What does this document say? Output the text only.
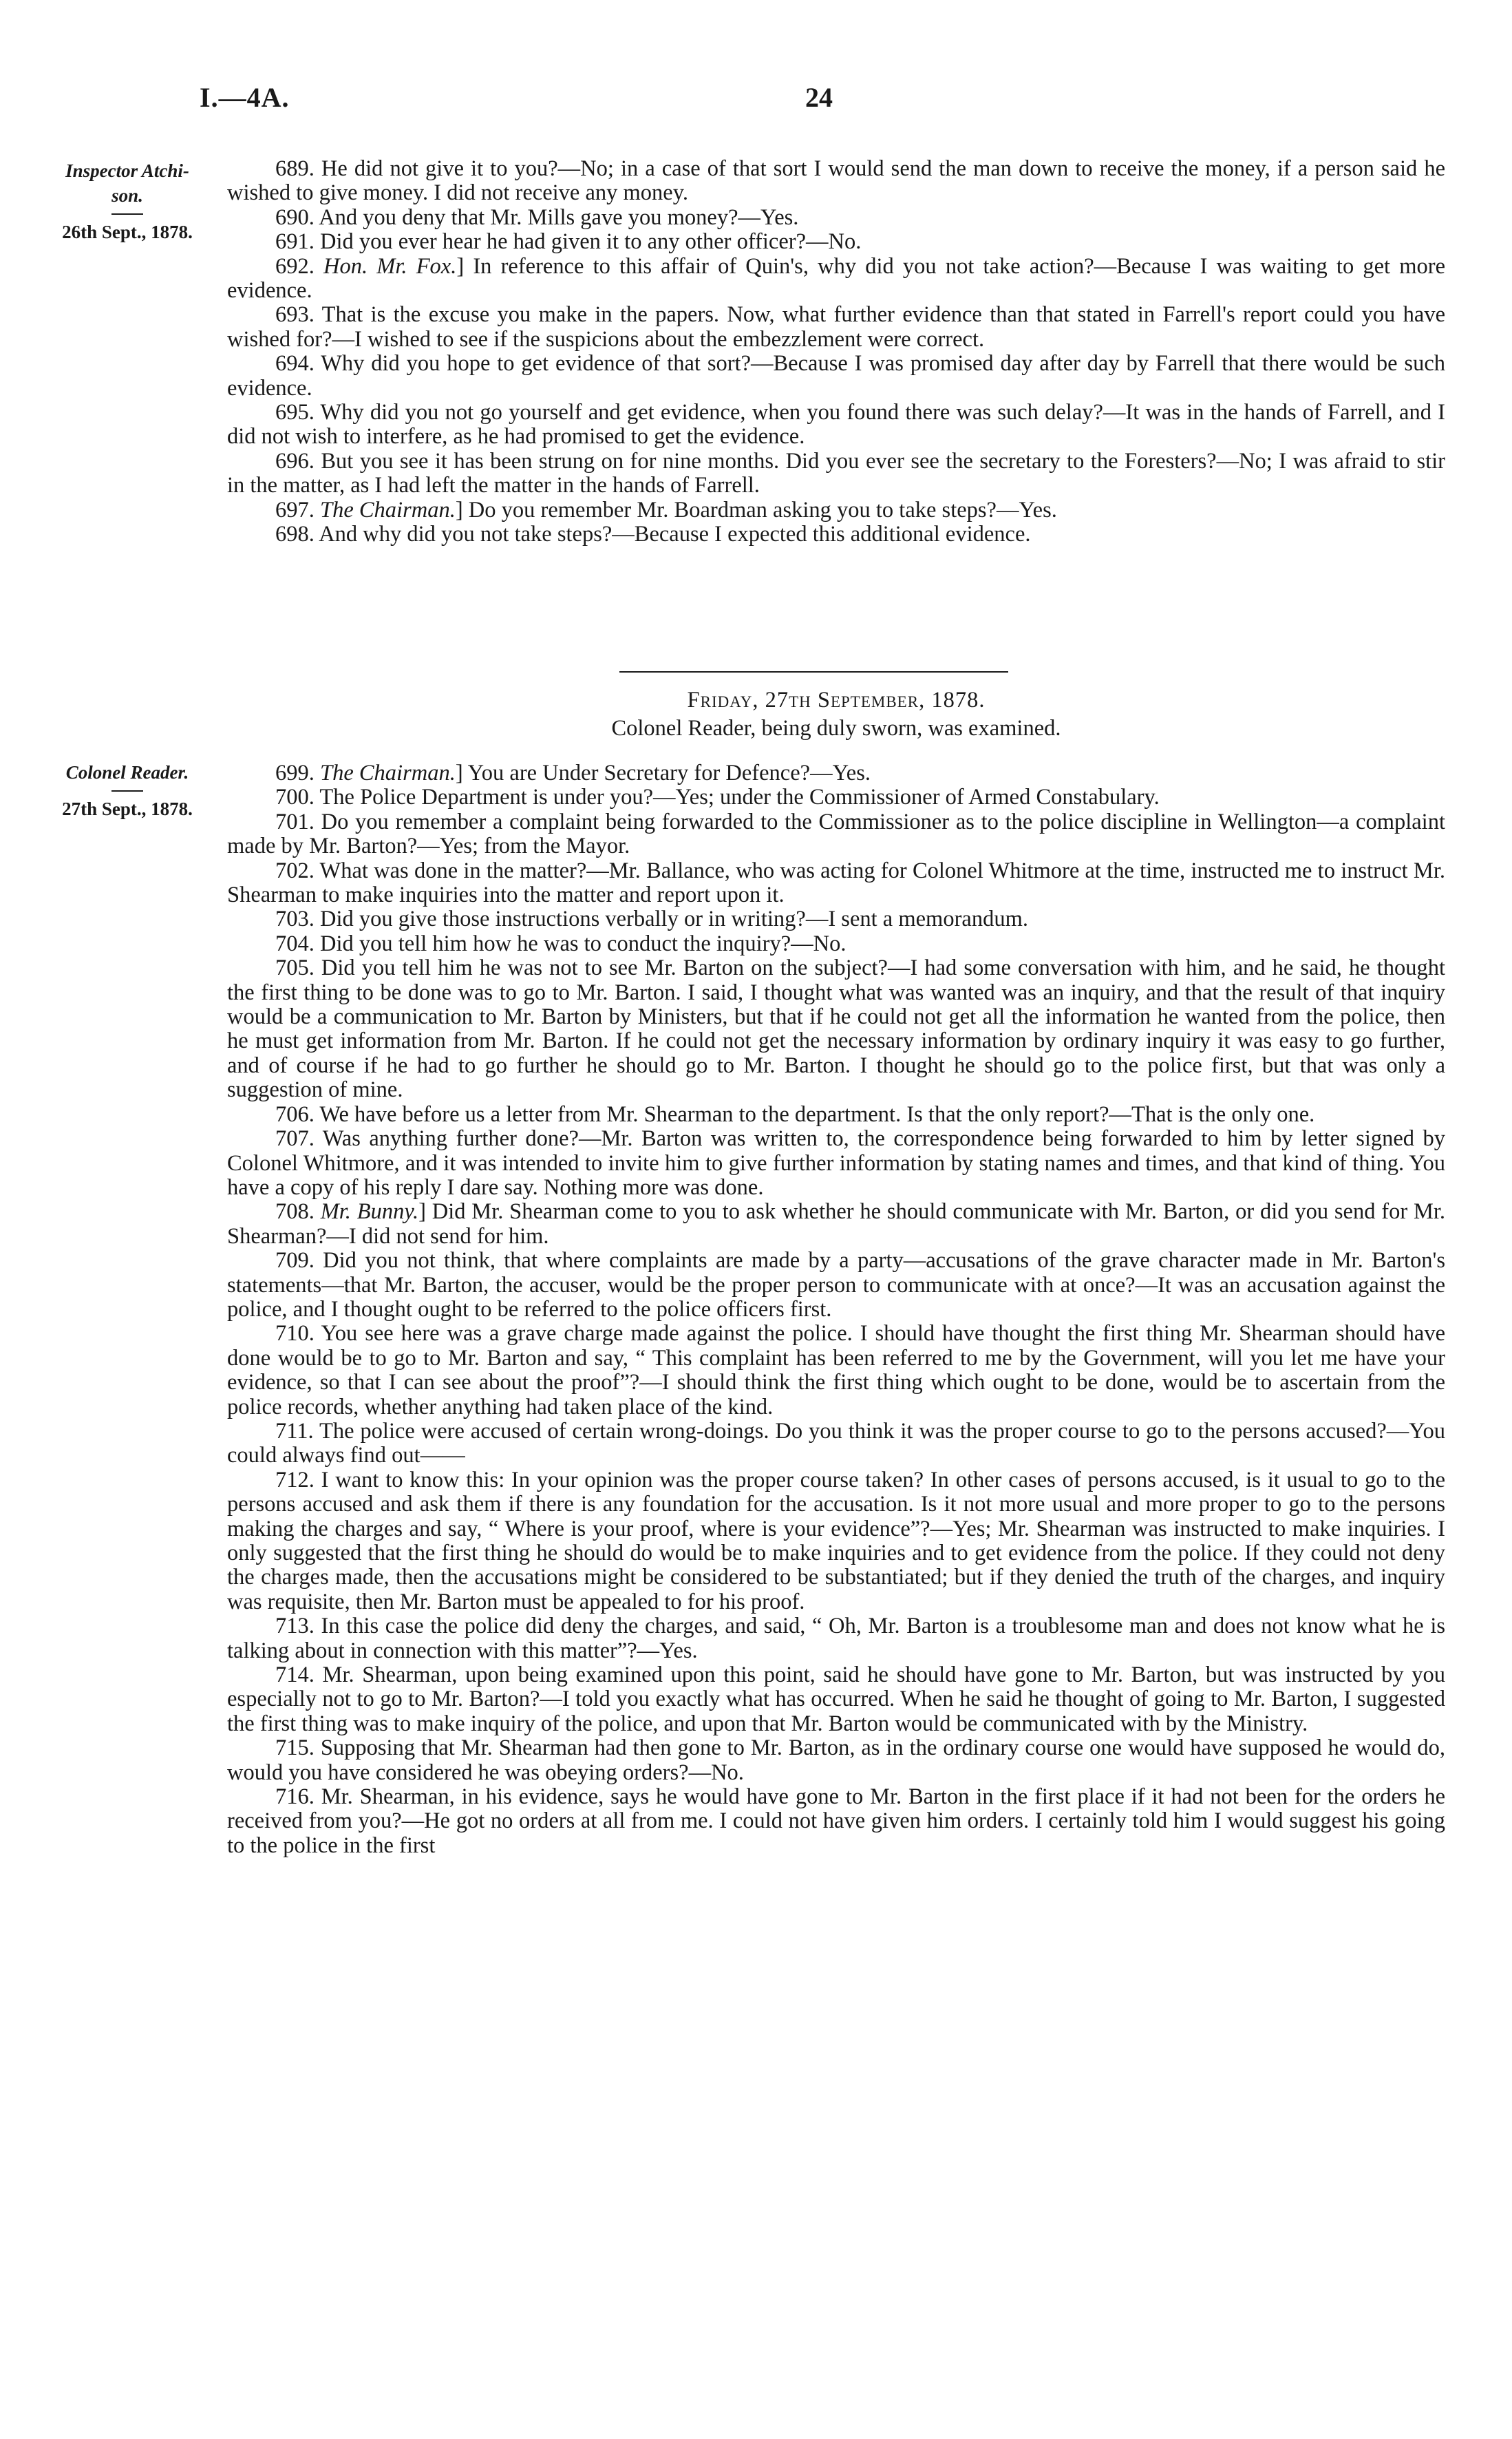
I.—4A.	24
Inspector Atchi-
son.
26th Sept., 1878.

689. He did not give it to you?—No; in a case of that sort I would send the man down to receive the money, if a person said he wished to give money. I did not receive any money.

690. And you deny that Mr. Mills gave you money?—Yes.

691. Did you ever hear he had given it to any other officer?—No.

692. Hon. Mr. Fox.] In reference to this affair of Quin's, why did you not take action?—Because I was waiting to get more evidence.

693. That is the excuse you make in the papers. Now, what further evidence than that stated in Farrell's report could you have wished for?—I wished to see if the suspicions about the embezzlement were correct.

694. Why did you hope to get evidence of that sort?—Because I was promised day after day by Farrell that there would be such evidence.

695. Why did you not go yourself and get evidence, when you found there was such delay?—It was in the hands of Farrell, and I did not wish to interfere, as he had promised to get the evidence.

696. But you see it has been strung on for nine months. Did you ever see the secretary to the Foresters?—No; I was afraid to stir in the matter, as I had left the matter in the hands of Farrell.

697. The Chairman.] Do you remember Mr. Boardman asking you to take steps?—Yes.

698. And why did you not take steps?—Because I expected this additional evidence.

Friday, 27th September, 1878.

Colonel Reader, being duly sworn, was examined.

Colonel Reader.
27th Sept., 1878.

699. The Chairman.] You are Under Secretary for Defence?—Yes.

700. The Police Department is under you?—Yes; under the Commissioner of Armed Constabulary.

701. Do you remember a complaint being forwarded to the Commissioner as to the police discipline in Wellington—a complaint made by Mr. Barton?—Yes; from the Mayor.

702. What was done in the matter?—Mr. Ballance, who was acting for Colonel Whitmore at the time, instructed me to instruct Mr. Shearman to make inquiries into the matter and report upon it.

703. Did you give those instructions verbally or in writing?—I sent a memorandum.

704. Did you tell him how he was to conduct the inquiry?—No.

705. Did you tell him he was not to see Mr. Barton on the subject?—I had some conversation with him, and he said, he thought the first thing to be done was to go to Mr. Barton. I said, I thought what was wanted was an inquiry, and that the result of that inquiry would be a communication to Mr. Barton by Ministers, but that if he could not get all the information he wanted from the police, then he must get information from Mr. Barton. If he could not get the necessary information by ordinary inquiry it was easy to go further, and of course if he had to go further he should go to Mr. Barton. I thought he should go to the police first, but that was only a suggestion of mine.

706. We have before us a letter from Mr. Shearman to the department. Is that the only report?—That is the only one.

707. Was anything further done?—Mr. Barton was written to, the correspondence being forwarded to him by letter signed by Colonel Whitmore, and it was intended to invite him to give further information by stating names and times, and that kind of thing. You have a copy of his reply I dare say. Nothing more was done.

708. Mr. Bunny.] Did Mr. Shearman come to you to ask whether he should communicate with Mr. Barton, or did you send for Mr. Shearman?—I did not send for him.

709. Did you not think, that where complaints are made by a party—accusations of the grave character made in Mr. Barton's statements—that Mr. Barton, the accuser, would be the proper person to communicate with at once?—It was an accusation against the police, and I thought ought to be referred to the police officers first.

710. You see here was a grave charge made against the police. I should have thought the first thing Mr. Shearman should have done would be to go to Mr. Barton and say, “ This complaint has been referred to me by the Government, will you let me have your evidence, so that I can see about the proof”?—I should think the first thing which ought to be done, would be to ascertain from the police records, whether anything had taken place of the kind.

711. The police were accused of certain wrong-doings. Do you think it was the proper course to go to the persons accused?—You could always find out——

712. I want to know this: In your opinion was the proper course taken? In other cases of persons accused, is it usual to go to the persons accused and ask them if there is any foundation for the accusation. Is it not more usual and more proper to go to the persons making the charges and say, “ Where is your proof, where is your evidence”?—Yes; Mr. Shearman was instructed to make inquiries. I only suggested that the first thing he should do would be to make inquiries and to get evidence from the police. If they could not deny the charges made, then the accusations might be considered to be substantiated; but if they denied the truth of the charges, and inquiry was requisite, then Mr. Barton must be appealed to for his proof.

713. In this case the police did deny the charges, and said, “ Oh, Mr. Barton is a troublesome man and does not know what he is talking about in connection with this matter”?—Yes.

714. Mr. Shearman, upon being examined upon this point, said he should have gone to Mr. Barton, but was instructed by you especially not to go to Mr. Barton?—I told you exactly what has occurred. When he said he thought of going to Mr. Barton, I suggested the first thing was to make inquiry of the police, and upon that Mr. Barton would be communicated with by the Ministry.

715. Supposing that Mr. Shearman had then gone to Mr. Barton, as in the ordinary course one would have supposed he would do, would you have considered he was obeying orders?—No.

716. Mr. Shearman, in his evidence, says he would have gone to Mr. Barton in the first place if it had not been for the orders he received from you?—He got no orders at all from me. I could not have given him orders. I certainly told him I would suggest his going to the police in the first
